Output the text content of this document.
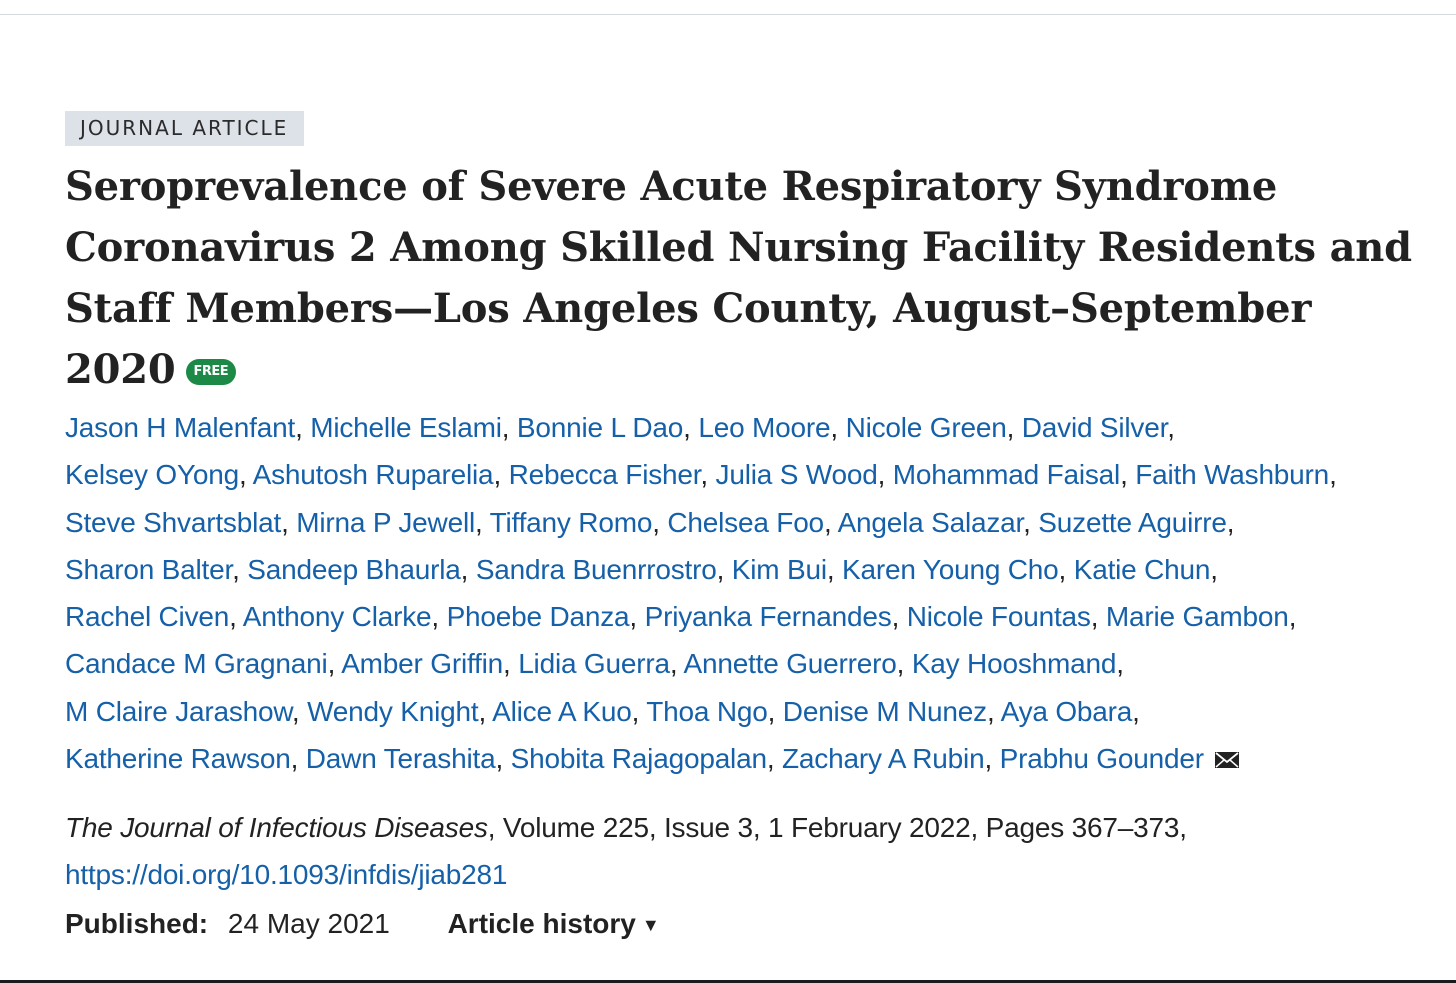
JOURNAL ARTICLE
Seroprevalence of Severe Acute Respiratory Syndrome
Coronavirus 2 Among Skilled Nursing Facility Residents and
Staff Members—Los Angeles County, August–September
2020 FREE
Jason H Malenfant, Michelle Eslami, Bonnie L Dao, Leo Moore, Nicole Green, David Silver,
Kelsey OYong, Ashutosh Ruparelia, Rebecca Fisher, Julia S Wood, Mohammad Faisal, Faith Washburn,
Steve Shvartsblat, Mirna P Jewell, Tiffany Romo, Chelsea Foo, Angela Salazar, Suzette Aguirre,
Sharon Balter, Sandeep Bhaurla, Sandra Buenrrostro, Kim Bui, Karen Young Cho, Katie Chun,
Rachel Civen, Anthony Clarke, Phoebe Danza, Priyanka Fernandes, Nicole Fountas, Marie Gambon,
Candace M Gragnani, Amber Griffin, Lidia Guerra, Annette Guerrero, Kay Hooshmand,
M Claire Jarashow, Wendy Knight, Alice A Kuo, Thoa Ngo, Denise M Nunez, Aya Obara,
Katherine Rawson, Dawn Terashita, Shobita Rajagopalan, Zachary A Rubin, Prabhu Gounder
The Journal of Infectious Diseases, Volume 225, Issue 3, 1 February 2022, Pages 367–373,
https://doi.org/10.1093/infdis/jiab281
Published: 24 May 2021 Article history ▼
